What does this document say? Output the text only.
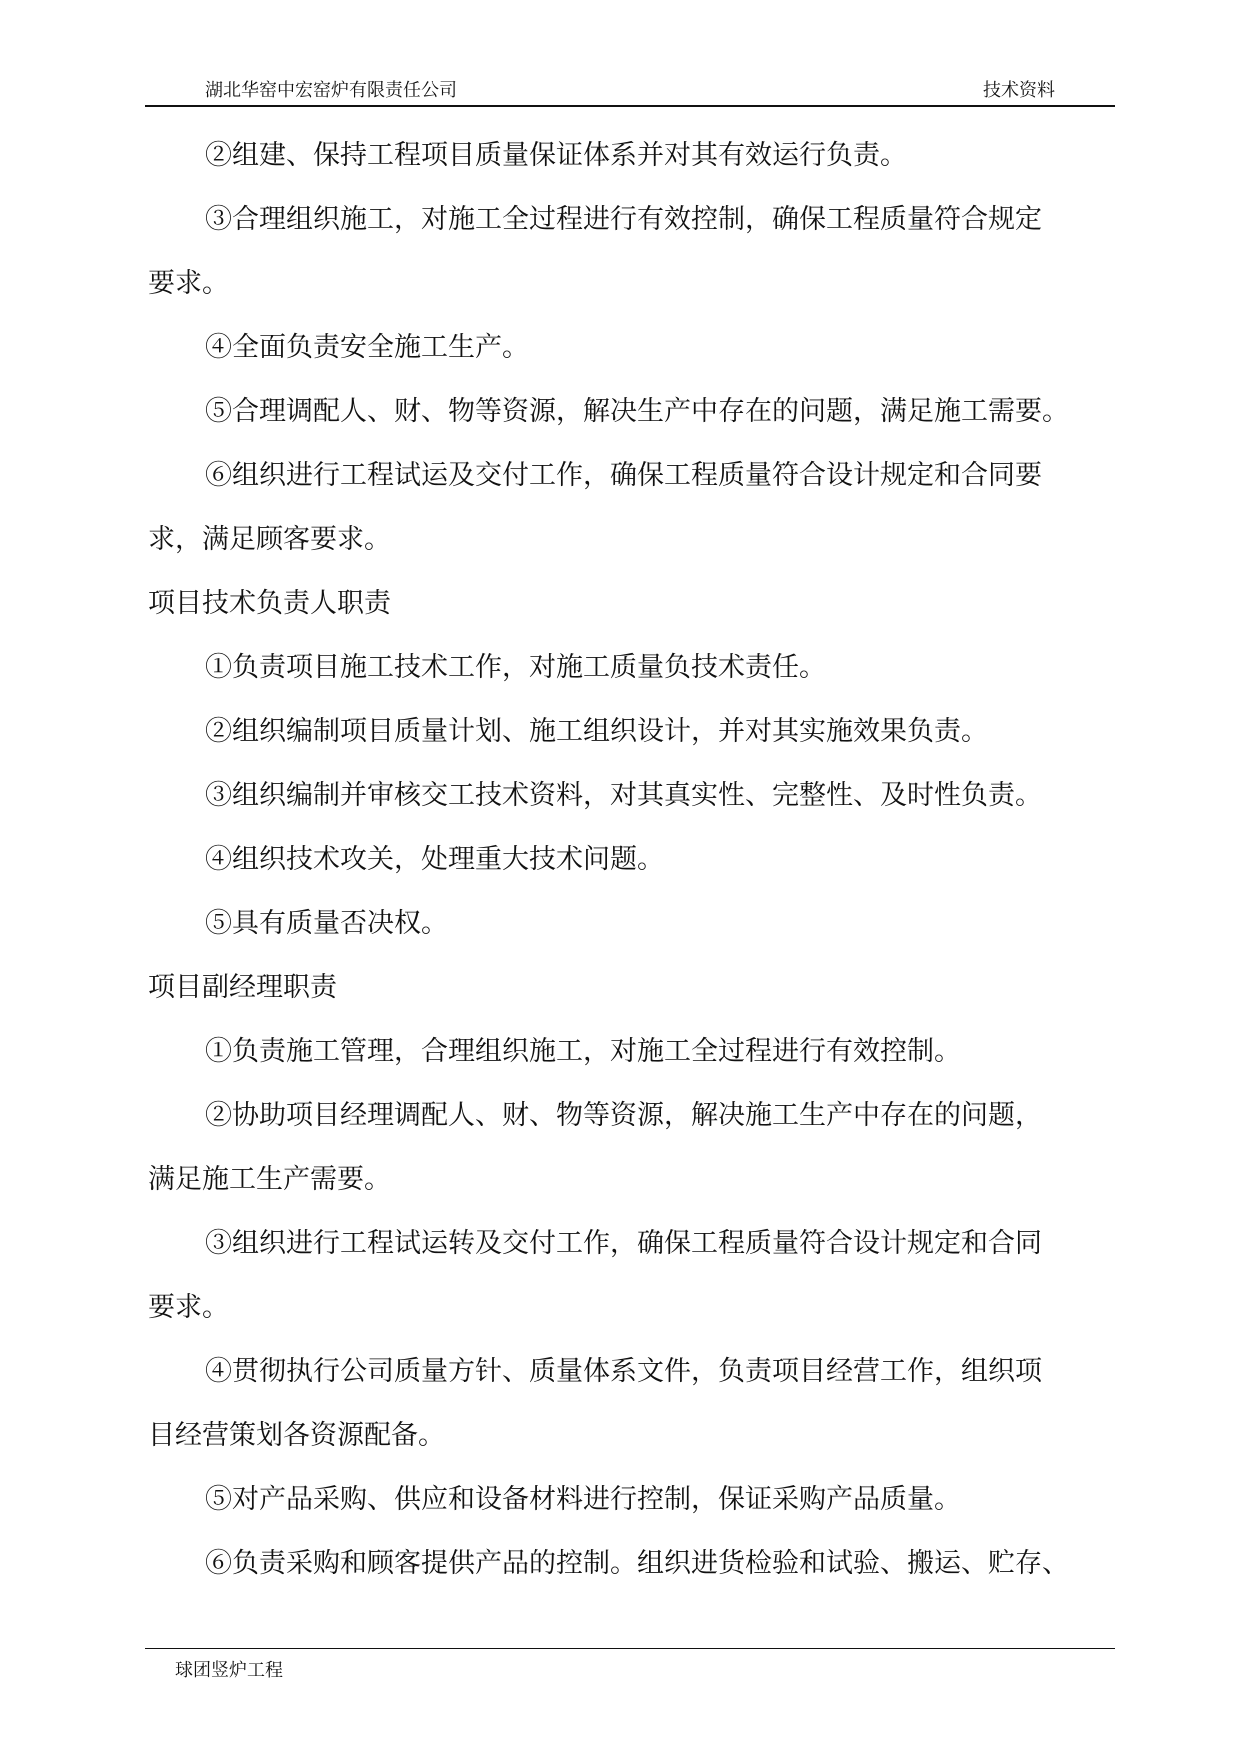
湖北华窑中宏窑炉有限责任公司	技术资料
②组建、保持工程项目质量保证体系并对其有效运行负责。
③合理组织施工，对施工全过程进行有效控制，确保工程质量符合规定
要求。
④全面负责安全施工生产。
⑤合理调配人、财、物等资源，解决生产中存在的问题，满足施工需要。
⑥组织进行工程试运及交付工作，确保工程质量符合设计规定和合同要
求，满足顾客要求。
项目技术负责人职责
①负责项目施工技术工作，对施工质量负技术责任。
②组织编制项目质量计划、施工组织设计，并对其实施效果负责。
③组织编制并审核交工技术资料，对其真实性、完整性、及时性负责。
④组织技术攻关，处理重大技术问题。
⑤具有质量否决权。
项目副经理职责
①负责施工管理，合理组织施工，对施工全过程进行有效控制。
②协助项目经理调配人、财、物等资源，解决施工生产中存在的问题，
满足施工生产需要。
③组织进行工程试运转及交付工作，确保工程质量符合设计规定和合同
要求。
④贯彻执行公司质量方针、质量体系文件，负责项目经营工作，组织项
目经营策划各资源配备。
⑤对产品采购、供应和设备材料进行控制，保证采购产品质量。
⑥负责采购和顾客提供产品的控制。组织进货检验和试验、搬运、贮存、
球团竖炉工程
